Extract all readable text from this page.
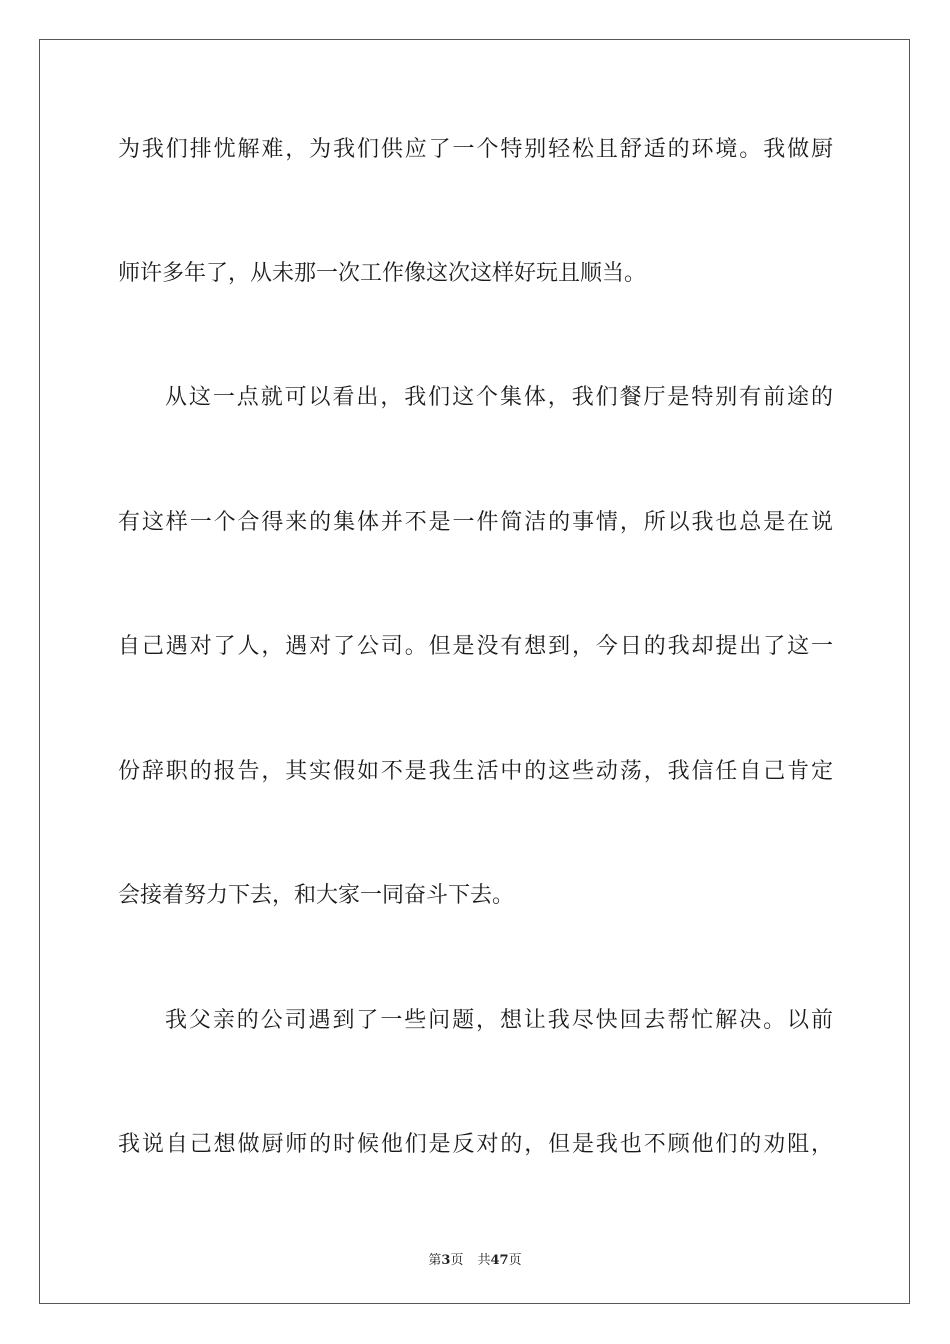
为我们排忧解难，为我们供应了一个特别轻松且舒适的环境。我做厨
师许多年了，从未那一次工作像这次这样好玩且顺当。
从这一点就可以看出，我们这个集体，我们餐厅是特别有前途的
有这样一个合得来的集体并不是一件简洁的事情，所以我也总是在说
自己遇对了人，遇对了公司。但是没有想到，今日的我却提出了这一
份辞职的报告，其实假如不是我生活中的这些动荡，我信任自己肯定
会接着努力下去，和大家一同奋斗下去。
我父亲的公司遇到了一些问题，想让我尽快回去帮忙解决。以前
我说自己想做厨师的时候他们是反对的，但是我也不顾他们的劝阻，
第3页 共47页
